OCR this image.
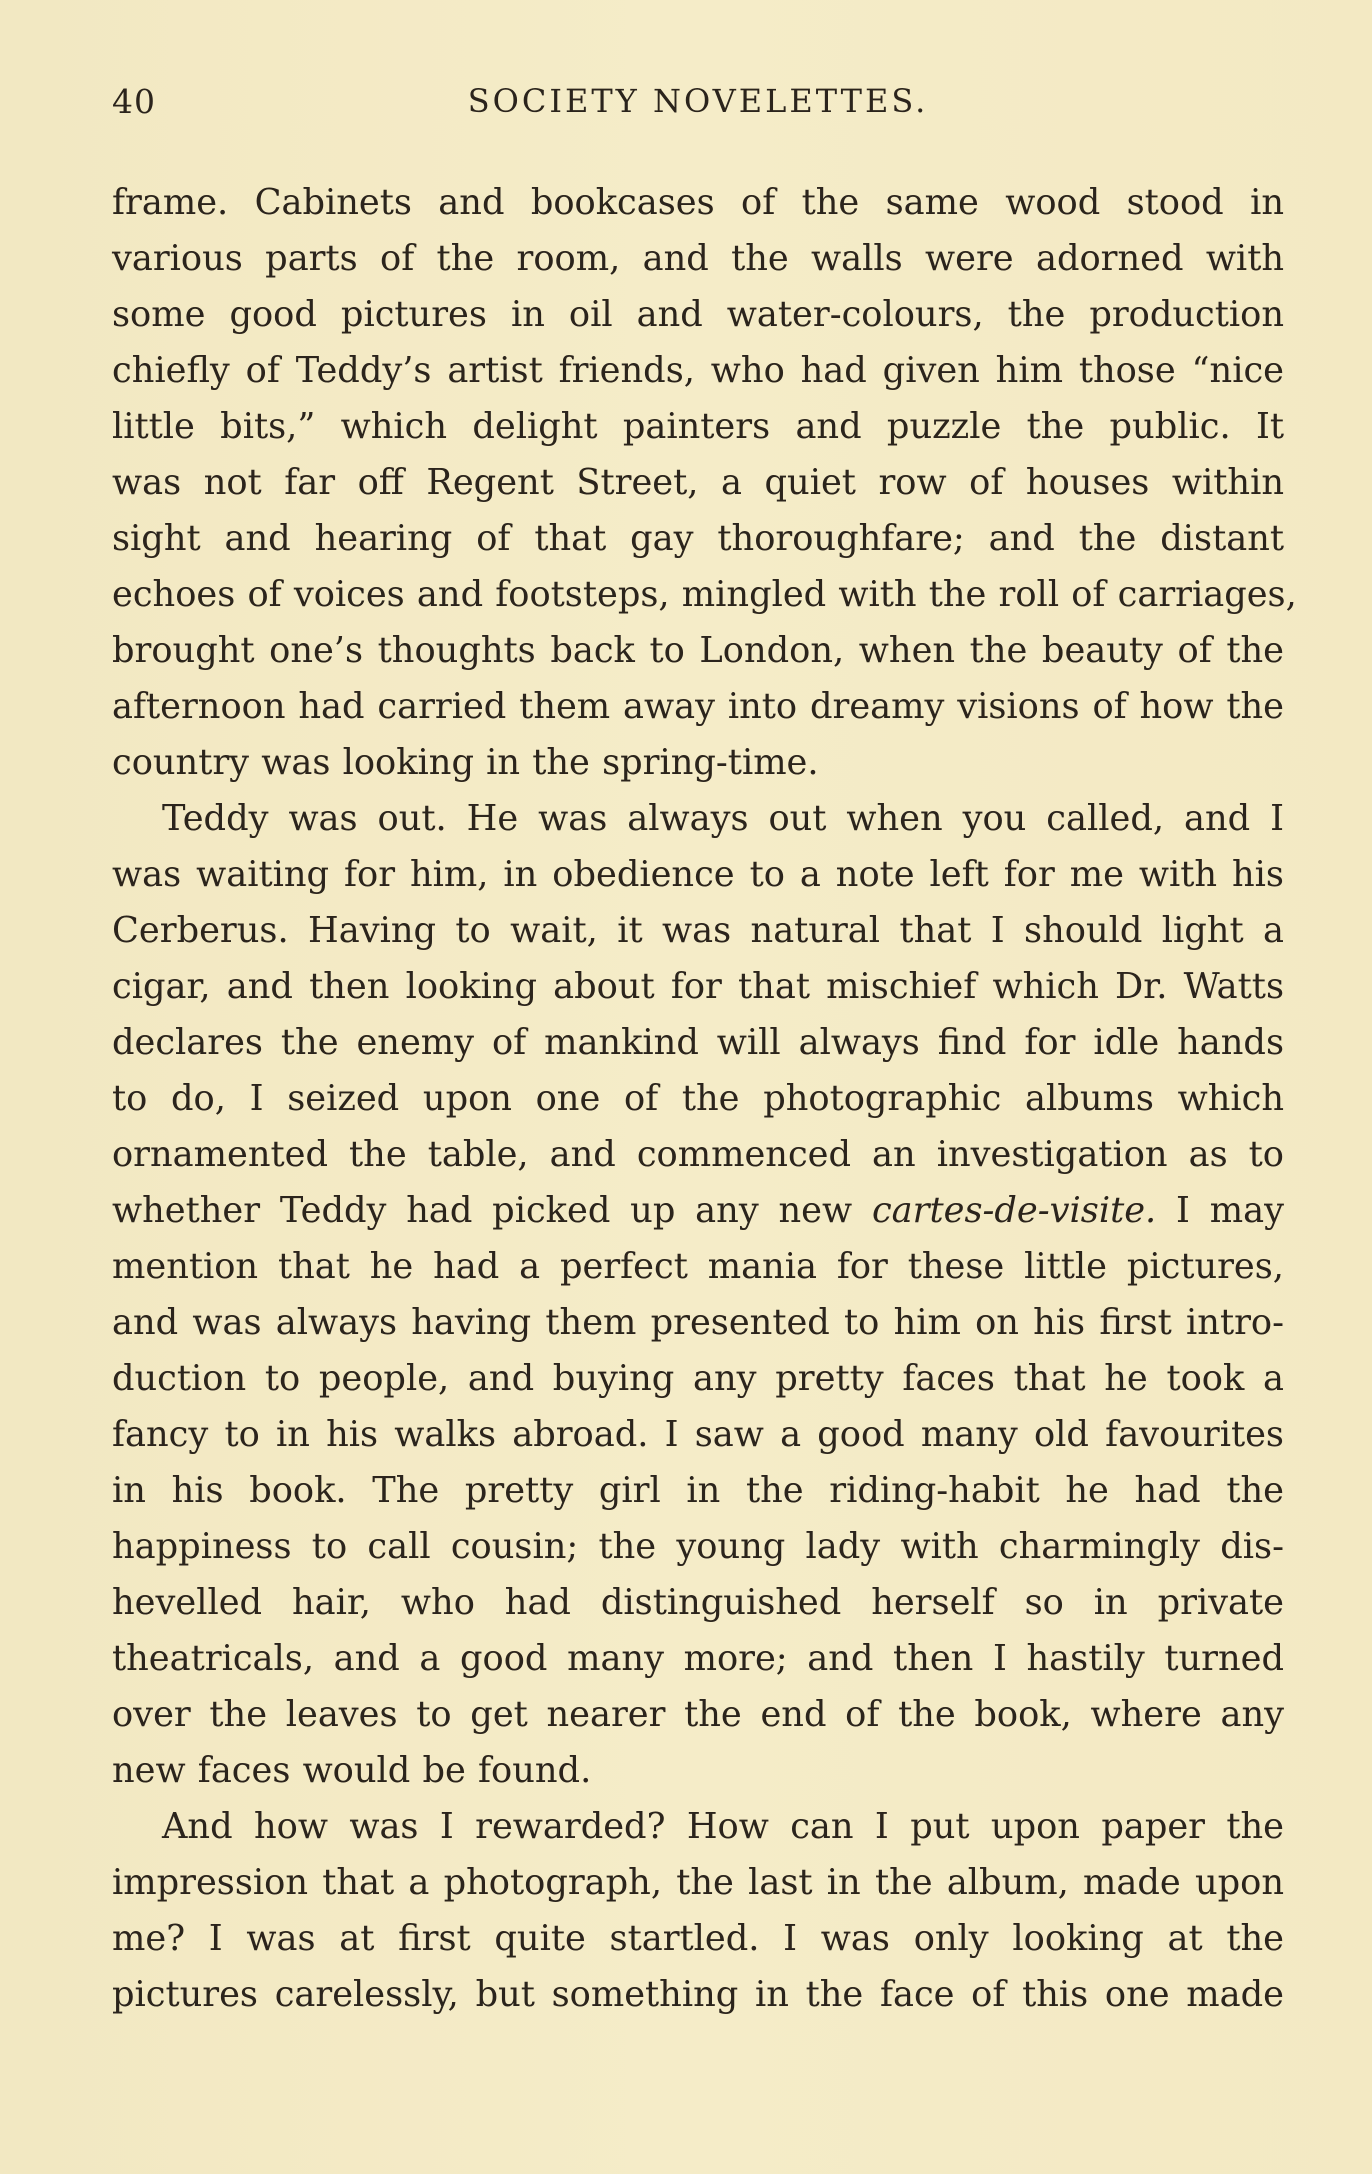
40	SOCIETY NOVELETTES.
frame. Cabinets and bookcases of the same wood stood in
various parts of the room, and the walls were adorned with
some good pictures in oil and water-colours, the production
chiefly of Teddy’s artist friends, who had given him those “nice
little bits,” which delight painters and puzzle the public. It
was not far off Regent Street, a quiet row of houses within
sight and hearing of that gay thoroughfare; and the distant
echoes of voices and footsteps, mingled with the roll of carriages,
brought one’s thoughts back to London, when the beauty of the
afternoon had carried them away into dreamy visions of how the
country was looking in the spring-time.
Teddy was out. He was always out when you called, and I
was waiting for him, in obedience to a note left for me with his
Cerberus. Having to wait, it was natural that I should light a
cigar, and then looking about for that mischief which Dr. Watts
declares the enemy of mankind will always find for idle hands
to do, I seized upon one of the photographic albums which
ornamented the table, and commenced an investigation as to
whether Teddy had picked up any new cartes-de-visite. I may
mention that he had a perfect mania for these little pictures,
and was always having them presented to him on his first intro-
duction to people, and buying any pretty faces that he took a
fancy to in his walks abroad. I saw a good many old favourites
in his book. The pretty girl in the riding-habit he had the
happiness to call cousin; the young lady with charmingly dis-
hevelled hair, who had distinguished herself so in private
theatricals, and a good many more; and then I hastily turned
over the leaves to get nearer the end of the book, where any
new faces would be found.
And how was I rewarded? How can I put upon paper the
impression that a photograph, the last in the album, made upon
me? I was at first quite startled. I was only looking at the
pictures carelessly, but something in the face of this one made
